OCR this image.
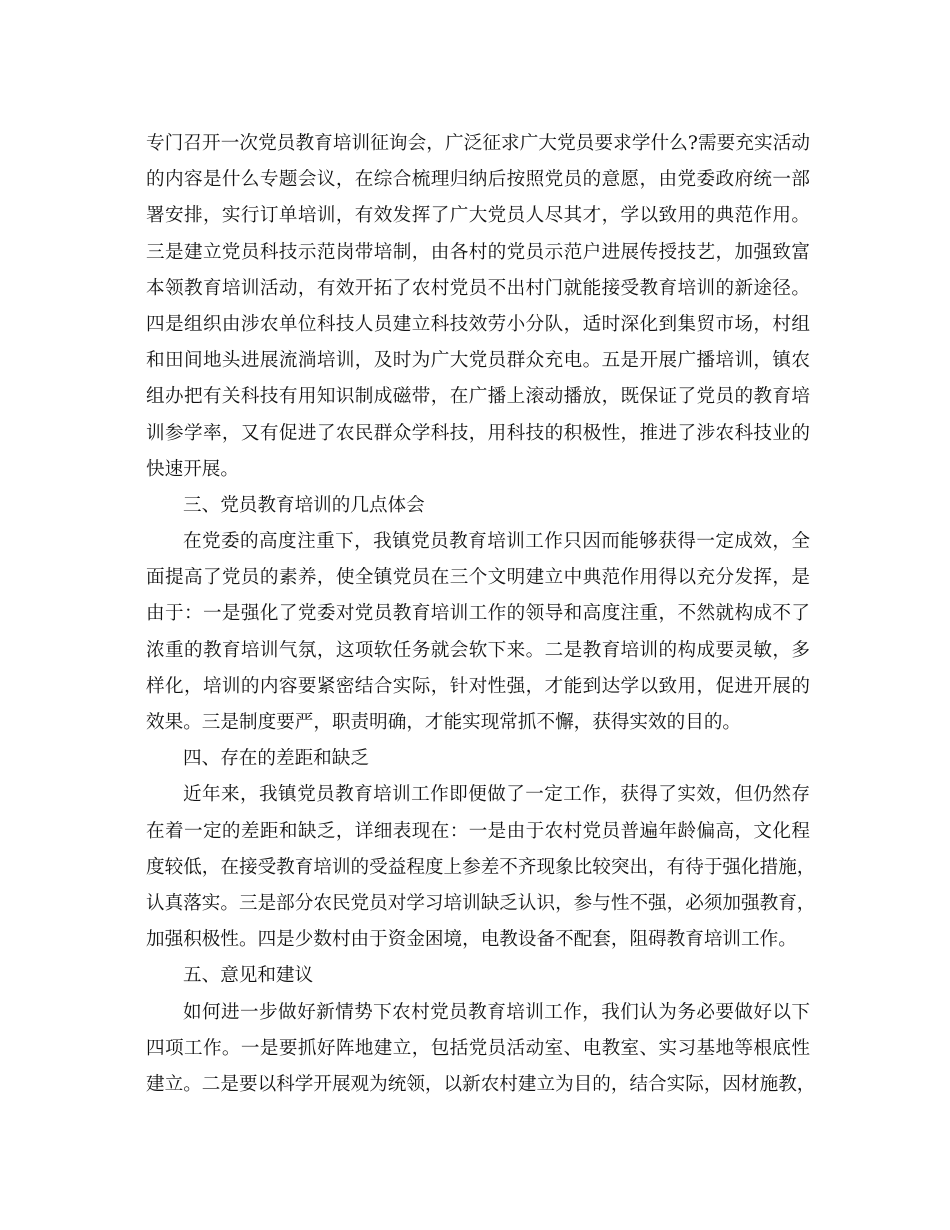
专门召开一次党员教育培训征询会，广泛征求广大党员要求学什么?需要充实活动
的内容是什么专题会议，在综合梳理归纳后按照党员的意愿，由党委政府统一部
署安排，实行订单培训，有效发挥了广大党员人尽其才，学以致用的典范作用。
三是建立党员科技示范岗带培制，由各村的党员示范户进展传授技艺，加强致富
本领教育培训活动，有效开拓了农村党员不出村门就能接受教育培训的新途径。
四是组织由涉农单位科技人员建立科技效劳小分队，适时深化到集贸市场，村组
和田间地头进展流淌培训，及时为广大党员群众充电。五是开展广播培训，镇农
组办把有关科技有用知识制成磁带，在广播上滚动播放，既保证了党员的教育培
训参学率，又有促进了农民群众学科技，用科技的积极性，推进了涉农科技业的
快速开展。
三、党员教育培训的几点体会
在党委的高度注重下，我镇党员教育培训工作只因而能够获得一定成效，全
面提高了党员的素养，使全镇党员在三个文明建立中典范作用得以充分发挥，是
由于：一是强化了党委对党员教育培训工作的领导和高度注重，不然就构成不了
浓重的教育培训气氛，这项软任务就会软下来。二是教育培训的构成要灵敏，多
样化，培训的内容要紧密结合实际，针对性强，才能到达学以致用，促进开展的
效果。三是制度要严，职责明确，才能实现常抓不懈，获得实效的目的。
四、存在的差距和缺乏
近年来，我镇党员教育培训工作即便做了一定工作，获得了实效，但仍然存
在着一定的差距和缺乏，详细表现在：一是由于农村党员普遍年龄偏高，文化程
度较低，在接受教育培训的受益程度上参差不齐现象比较突出，有待于强化措施，
认真落实。三是部分农民党员对学习培训缺乏认识，参与性不强，必须加强教育，
加强积极性。四是少数村由于资金困境，电教设备不配套，阻碍教育培训工作。
五、意见和建议
如何进一步做好新情势下农村党员教育培训工作，我们认为务必要做好以下
四项工作。一是要抓好阵地建立，包括党员活动室、电教室、实习基地等根底性
建立。二是要以科学开展观为统领，以新农村建立为目的，结合实际，因材施教，
